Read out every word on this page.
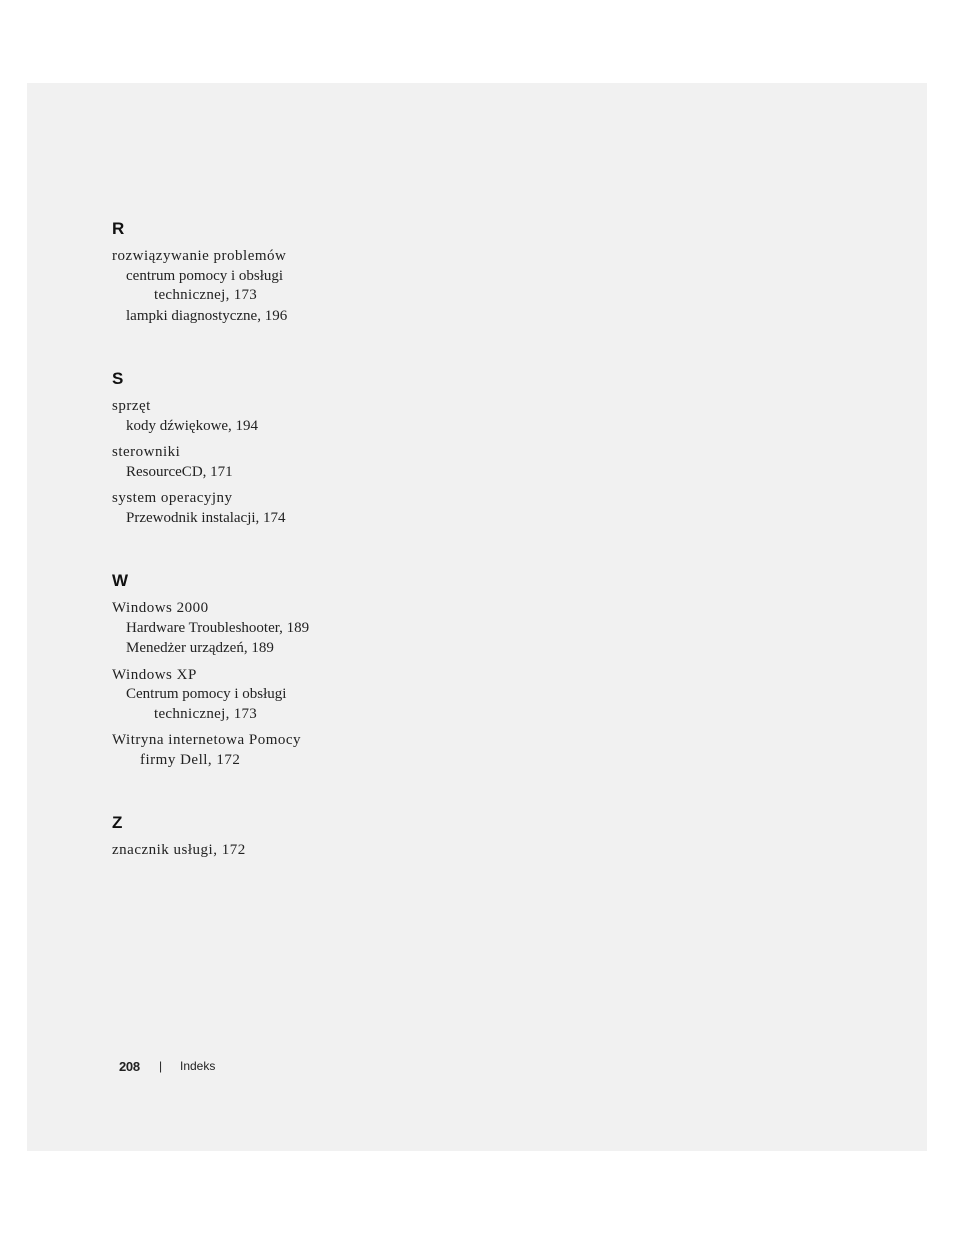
R
rozwiązywanie problemów
centrum pomocy i obsługi
technicznej, 173
lampki diagnostyczne, 196
S
sprzęt
kody dźwiękowe, 194
sterowniki
ResourceCD, 171
system operacyjny
Przewodnik instalacji, 174
W
Windows 2000
Hardware Troubleshooter, 189
Menedżer urządzeń, 189
Windows XP
Centrum pomocy i obsługi
technicznej, 173
Witryna internetowa Pomocy
firmy Dell, 172
Z
znacznik usługi, 172
208 | Indeks
